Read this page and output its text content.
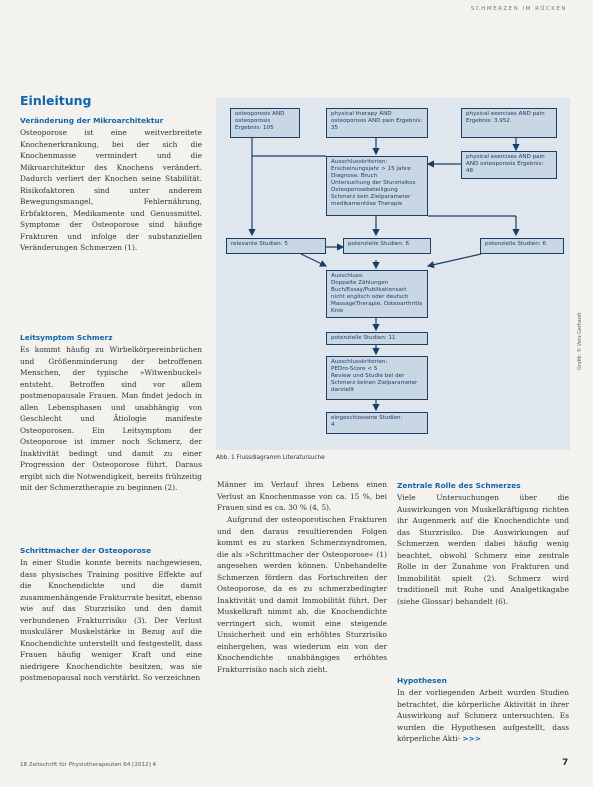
SCHMERZEN IM RÜCKEN
Einleitung
Veränderung der Mikroarchitektur
Osteoporose ist eine weitverbreitete Knochenerkrankung, bei der sich die Knochenmasse vermindert und die Mikroarchitektur des Knochens verändert. Dadurch verliert der Knochen seine Stabilität. Risikofaktoren sind unter anderem Bewegungsmangel, Fehlernährung, Erbfaktoren, Medikamente und Genussmittel. Symptome der Osteoporose sind häufige Frakturen und infolge der substanziellen Veränderungen Schmerzen (1).
Leitsymptom Schmerz
Es kommt häufig zu Wirbelkörpereinbrüchen und Größenminderung der betroffenen Menschen, der typische »Witwenbuckel« entsteht. Betroffen sind vor allem postmenopausale Frauen. Man findet jedoch in allen Lebensphasen und unabhängig von Geschlecht und Ätiologie manifeste Osteoporosen. Ein Leitsymptom der Osteoporose ist immer noch Schmerz, der Inaktivität bedingt und damit zu einer Progression der Osteoporose führt. Daraus ergibt sich die Notwendigkeit, bereits frühzeitig mit der Schmerztherapie zu beginnen (2).
Schrittmacher der Osteoporose
In einer Studie konnte bereits nachgewiesen, dass physisches Training positive Effekte auf die Knochendichte und die damit zusammenhängende Frakturrate besitzt, ebenso wie auf das Sturzrisiko und den damit verbundenen Frakturrisiko (3). Der Verlust muskulärer Muskelstärke in Bezug auf die Knochendichte unterstellt und festgestellt, dass Frauen häufig weniger Kraft und eine niedrigere Knochendichte besitzen, was sie postmenopausal noch verstärkt. So verzeichnen
osteoporosis AND osteoporosis Ergebnis: 105
physical therapy AND osteoporosis AND pain Ergebnis: 35
physical exercises AND pain Ergebnis: 3.952
physical exercises AND pain AND osteoporosis Ergebnis: 48
Ausschlusskriterien:
Erscheinungsjahr > 15 Jahre
Diagnose: Bruch
Untersuchung der Sturzrisikos
Osteoporosebeteiligung
Schmerz kein Zielparameter
medikamentöse Therapie
relevante Studien: 5	potenzielle Studien: 6	potenzielle Studien: 6
Ausschluss:
Doppelte Zählungen
Buch/Essay/Publikationsart
nicht englisch oder deutsch
MassageTherapie, Osteoarthritis Knie
potenzielle Studien: 11
Ausschlusskriterien:
PEDro-Score < 5
Review und Studie bei der Schmerz keinen Zielparameter darstellt
eingeschlossene Studien:
4
Abb. 1 Flussdiagramm Literatursuche
Grafik: © Vera Gerhardt
Männer im Verlauf ihres Lebens einen Verlust an Knochenmasse von ca. 15 %, bei Frauen sind es ca. 30 % (4, 5).
Aufgrund der osteoporotischen Frakturen und den daraus resultierenden Folgen kommt es zu starken Schmerzsyndromen, die als »Schrittmacher der Osteoporose« (1) angesehen werden können. Unbehandelte Schmerzen fördern das Fortschreiten der Osteoporose, da es zu schmerzbedingter Inaktivität und damit Immobilität führt. Der Muskelkraft nimmt ab, die Knochendichte verringert sich, womit eine steigende Unsicherheit und ein erhöhtes Sturzrisiko einhergehen, was wiederum ein von der Knochendichte unabhängiges erhöhtes Frakturrisiko nach sich zieht.
Zentrale Rolle des Schmerzes
Viele Untersuchungen über die Auswirkungen von Muskelkräftigung richten ihr Augenmerk auf die Knochendichte und das Sturzrisiko. Die Auswirkungen auf Schmerzen werden dabei häufig wenig beachtet, obwohl Schmerz eine zentrale Rolle in der Zunahme von Frakturen und Immobilität spielt (2). Schmerz wird traditionell mit Ruhe und Analgetikagabe (siehe Glossar) behandelt (6).
Hypothesen
In der vorliegenden Arbeit wurden Studien betrachtet, die körperliche Aktivität in ihrer Auswirkung auf Schmerz untersuchten. Es wurden die Hypothesen aufgestellt, dass körperliche Akti- >>>
18 Zeitschrift für Physiotherapeuten 64 [2012] 4	7
